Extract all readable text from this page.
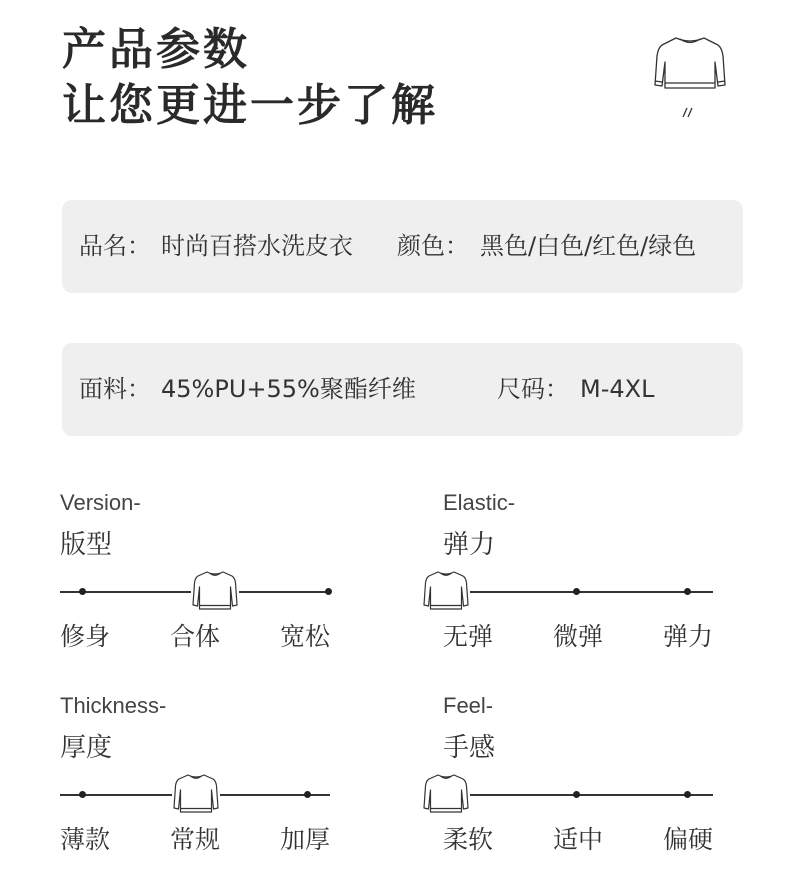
产品参数
让您更进一步了解
品名： 时尚百搭水洗皮衣 颜色： 黑色/白色/红色/绿色
面料： 45%PU+55%聚酯纤维	尺码： M-4XL
Version-
版型
修身 合体 宽松
Elastic-
弹力
无弹 微弹 弹力
Thickness-
厚度
薄款 常规 加厚
Feel-
手感
柔软 适中 偏硬
